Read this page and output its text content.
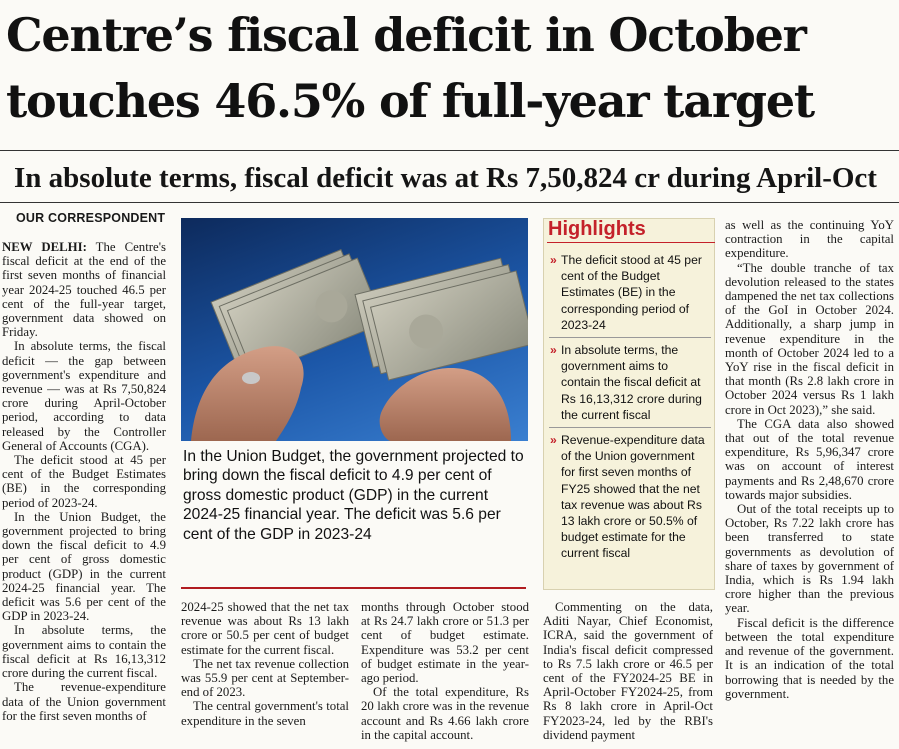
Centre’s fiscal deficit in October
touches 46.5% of full-year target
In absolute terms, fiscal deficit was at Rs 7,50,824 cr during April-Oct
OUR CORRESPONDENT

NEW DELHI: The Centre's fiscal deficit at the end of the first seven months of financial year 2024-25 touched 46.5 per cent of the full-year target, government data showed on Friday.

In absolute terms, the fiscal deficit — the gap between government's expenditure and revenue — was at Rs 7,50,824 crore during April-October period, according to data released by the Controller General of Accounts (CGA).

The deficit stood at 45 per cent of the Budget Estimates (BE) in the corresponding period of 2023-24.

In the Union Budget, the government projected to bring down the fiscal deficit to 4.9 per cent of gross domestic product (GDP) in the current 2024-25 financial year. The deficit was 5.6 per cent of the GDP in 2023-24.

In absolute terms, the government aims to contain the fiscal deficit at Rs 16,13,312 crore during the current fiscal.

The revenue-expenditure data of the Union government for the first seven months of

In the Union Budget, the government projected to bring down the fiscal deficit to 4.9 per cent of gross domestic product (GDP) in the current 2024-25 financial year. The deficit was 5.6 per cent of the GDP in 2023-24

2024-25 showed that the net tax revenue was about Rs 13 lakh crore or 50.5 per cent of budget estimate for the current fiscal.

The net tax revenue collection was 55.9 per cent at September-end of 2023.

The central government's total expenditure in the seven

months through October stood at Rs 24.7 lakh crore or 51.3 per cent of budget estimate. Expenditure was 53.2 per cent of budget estimate in the year-ago period.

Of the total expenditure, Rs 20 lakh crore was in the revenue account and Rs 4.66 lakh crore in the capital account.

Highlights
» The deficit stood at 45 per cent of the Budget Estimates (BE) in the corresponding period of 2023-24
» In absolute terms, the government aims to contain the fiscal deficit at Rs 16,13,312 crore during the current fiscal
» Revenue-expenditure data of the Union government for first seven months of FY25 showed that the net tax revenue was about Rs 13 lakh crore or 50.5% of budget estimate for the current fiscal

Commenting on the data, Aditi Nayar, Chief Economist, ICRA, said the government of India's fiscal deficit compressed to Rs 7.5 lakh crore or 46.5 per cent of the FY2024-25 BE in April-October FY2024-25, from Rs 8 lakh crore in April-Oct FY2023-24, led by the RBI's dividend payment

as well as the continuing YoY contraction in the capital expenditure.

“The double tranche of tax devolution released to the states dampened the net tax collections of the GoI in October 2024. Additionally, a sharp jump in revenue expenditure in the month of October 2024 led to a YoY rise in the fiscal deficit in that month (Rs 2.8 lakh crore in October 2024 versus Rs 1 lakh crore in Oct 2023),” she said.

The CGA data also showed that out of the total revenue expenditure, Rs 5,96,347 crore was on account of interest payments and Rs 2,48,670 crore towards major subsidies.

Out of the total receipts up to October, Rs 7.22 lakh crore has been transferred to state governments as devolution of share of taxes by government of India, which is Rs 1.94 lakh crore higher than the previous year.

Fiscal deficit is the difference between the total expenditure and revenue of the government. It is an indication of the total borrowing that is needed by the government.
